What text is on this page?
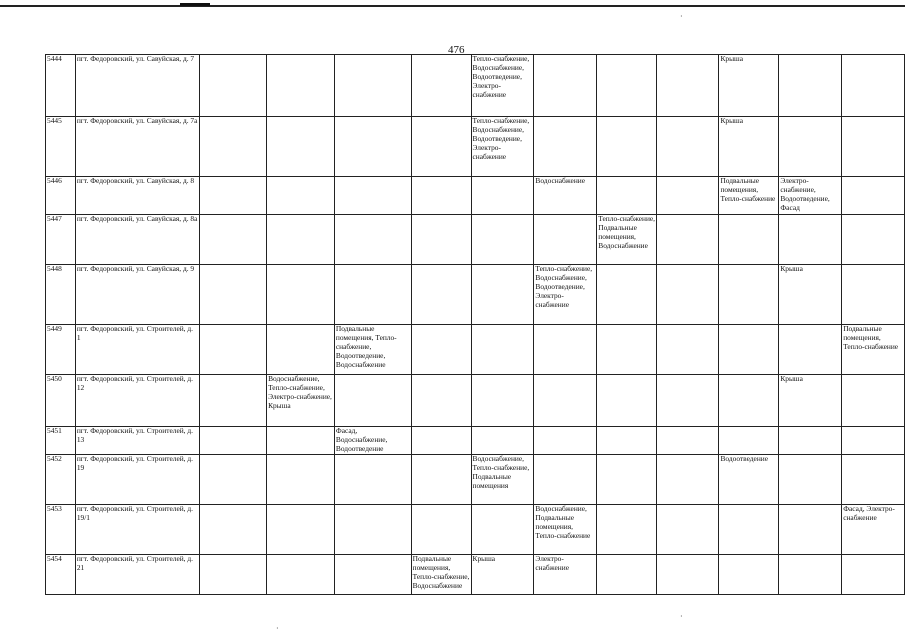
476
5444	пгт. Федоровский, ул. Савуйская, д. 7					Тепло-снабжение, Водоснабжение, Водоотведение, Электро-снабжение				Крыша		
5445	пгт. Федоровский, ул. Савуйская, д. 7а					Тепло-снабжение, Водоснабжение, Водоотведение, Электро-снабжение				Крыша		
5446	пгт. Федоровский, ул. Савуйская, д. 8						Водоснабжение			Подвальные помещения, Тепло-снабжение	Электро-снабжение, Водоотведение, Фасад	
5447	пгт. Федоровский, ул. Савуйская, д. 8а							Тепло-снабжение, Подвальные помещения, Водоснабжение				
5448	пгт. Федоровский, ул. Савуйская, д. 9						Тепло-снабжение, Водоснабжение, Водоотведение, Электро-снабжение				Крыша	
5449	пгт. Федоровский, ул. Строителей, д. 1			Подвальные помещения, Тепло-снабжение, Водоотведение, Водоснабжение								Подвальные помещения, Тепло-снабжение
5450	пгт. Федоровский, ул. Строителей, д. 12		Водоснабжение, Тепло-снабжение, Электро-снабжение, Крыша								Крыша	
5451	пгт. Федоровский, ул. Строителей, д. 13			Фасад, Водоснабжение, Водоотведение								
5452	пгт. Федоровский, ул. Строителей, д. 19					Водоснабжение, Тепло-снабжение, Подвальные помещения				Водоотведение		
5453	пгт. Федоровский, ул. Строителей, д. 19/1						Водоснабжение, Подвальные помещения, Тепло-снабжение					Фасад, Электро-снабжение
5454	пгт. Федоровский, ул. Строителей, д. 21				Подвальные помещения, Тепло-снабжение, Водоснабжение	Крыша	Электро-снабжение					
·
·
·
